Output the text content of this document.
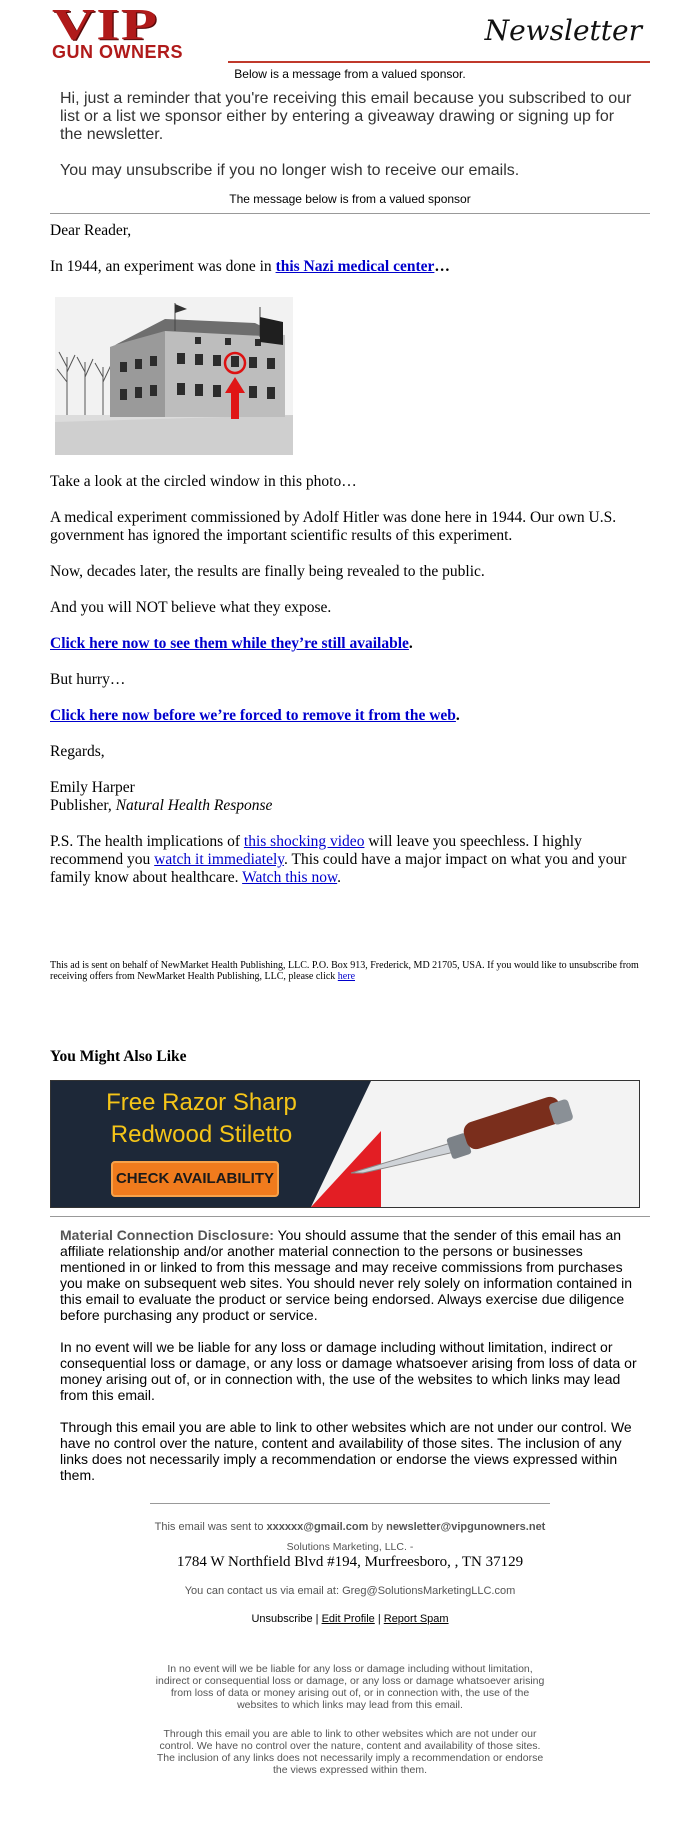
VIP
GUN OWNERS
Newsletter
Below is a message from a valued sponsor.

Hi, just a reminder that you're receiving this email because you subscribed to our list or a list we sponsor either by entering a giveaway drawing or signing up for the newsletter.

You may unsubscribe if you no longer wish to receive our emails.

The message below is from a valued sponsor

Dear Reader,

In 1944, an experiment was done in this Nazi medical center…

Take a look at the circled window in this photo…

A medical experiment commissioned by Adolf Hitler was done here in 1944. Our own U.S. government has ignored the important scientific results of this experiment.

Now, decades later, the results are finally being revealed to the public.

And you will NOT believe what they expose.

Click here now to see them while they’re still available.

But hurry…

Click here now before we’re forced to remove it from the web.

Regards,

Emily Harper

Publisher, Natural Health Response

P.S. The health implications of this shocking video will leave you speechless. I highly recommend you watch it immediately. This could have a major impact on what you and your family know about healthcare. Watch this now.

This ad is sent on behalf of NewMarket Health Publishing, LLC. P.O. Box 913, Frederick, MD 21705, USA. If you would like to unsubscribe from receiving offers from NewMarket Health Publishing, LLC, please click here
You Might Also Like
Free Razor Sharp
Redwood Stiletto
CHECK AVAILABILITY

Material Connection Disclosure: You should assume that the sender of this email has an affiliate relationship and/or another material connection to the persons or businesses mentioned in or linked to from this message and may receive commissions from purchases you make on subsequent web sites. You should never rely solely on information contained in this email to evaluate the product or service being endorsed. Always exercise due diligence before purchasing any product or service.

In no event will we be liable for any loss or damage including without limitation, indirect or consequential loss or damage, or any loss or damage whatsoever arising from loss of data or money arising out of, or in connection with, the use of the websites to which links may lead from this email.

Through this email you are able to link to other websites which are not under our control. We have no control over the nature, content and availability of those sites. The inclusion of any links does not necessarily imply a recommendation or endorse the views expressed within them.

This email was sent to xxxxxx@gmail.com by newsletter@vipgunowners.net
Solutions Marketing, LLC. -
1784 W Northfield Blvd #194, Murfreesboro, , TN 37129
You can contact us via email at: Greg@SolutionsMarketingLLC.com
Unsubscribe | Edit Profile | Report Spam
In no event will we be liable for any loss or damage including without limitation, indirect or consequential loss or damage, or any loss or damage whatsoever arising from loss of data or money arising out of, or in connection with, the use of the websites to which links may lead from this email.
Through this email you are able to link to other websites which are not under our control. We have no control over the nature, content and availability of those sites. The inclusion of any links does not necessarily imply a recommendation or endorse the views expressed within them.
